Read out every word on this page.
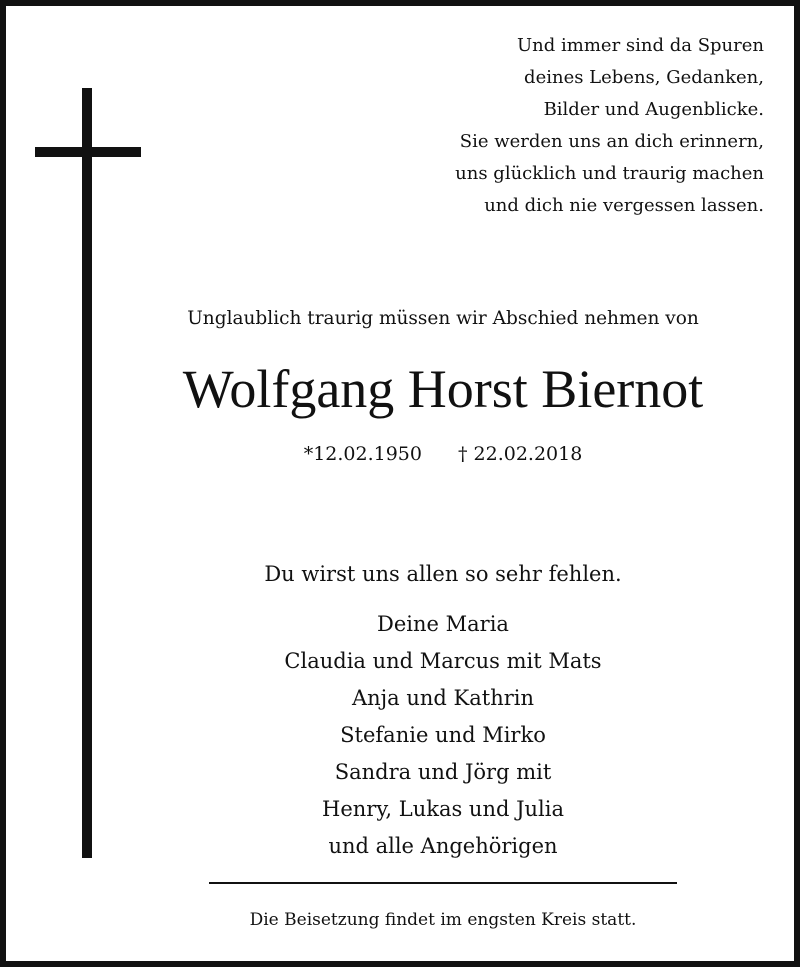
Und immer sind da Spuren
deines Lebens, Gedanken,
Bilder und Augenblicke.
Sie werden uns an dich erinnern,
uns glücklich und traurig machen
und dich nie vergessen lassen.
Unglaublich traurig müssen wir Abschied nehmen von
Wolfgang Horst Biernot
*12.02.1950 † 22.02.2018
Du wirst uns allen so sehr fehlen.
Deine Maria
Claudia und Marcus mit Mats
Anja und Kathrin
Stefanie und Mirko
Sandra und Jörg mit
Henry, Lukas und Julia
und alle Angehörigen
Die Beisetzung findet im engsten Kreis statt.
